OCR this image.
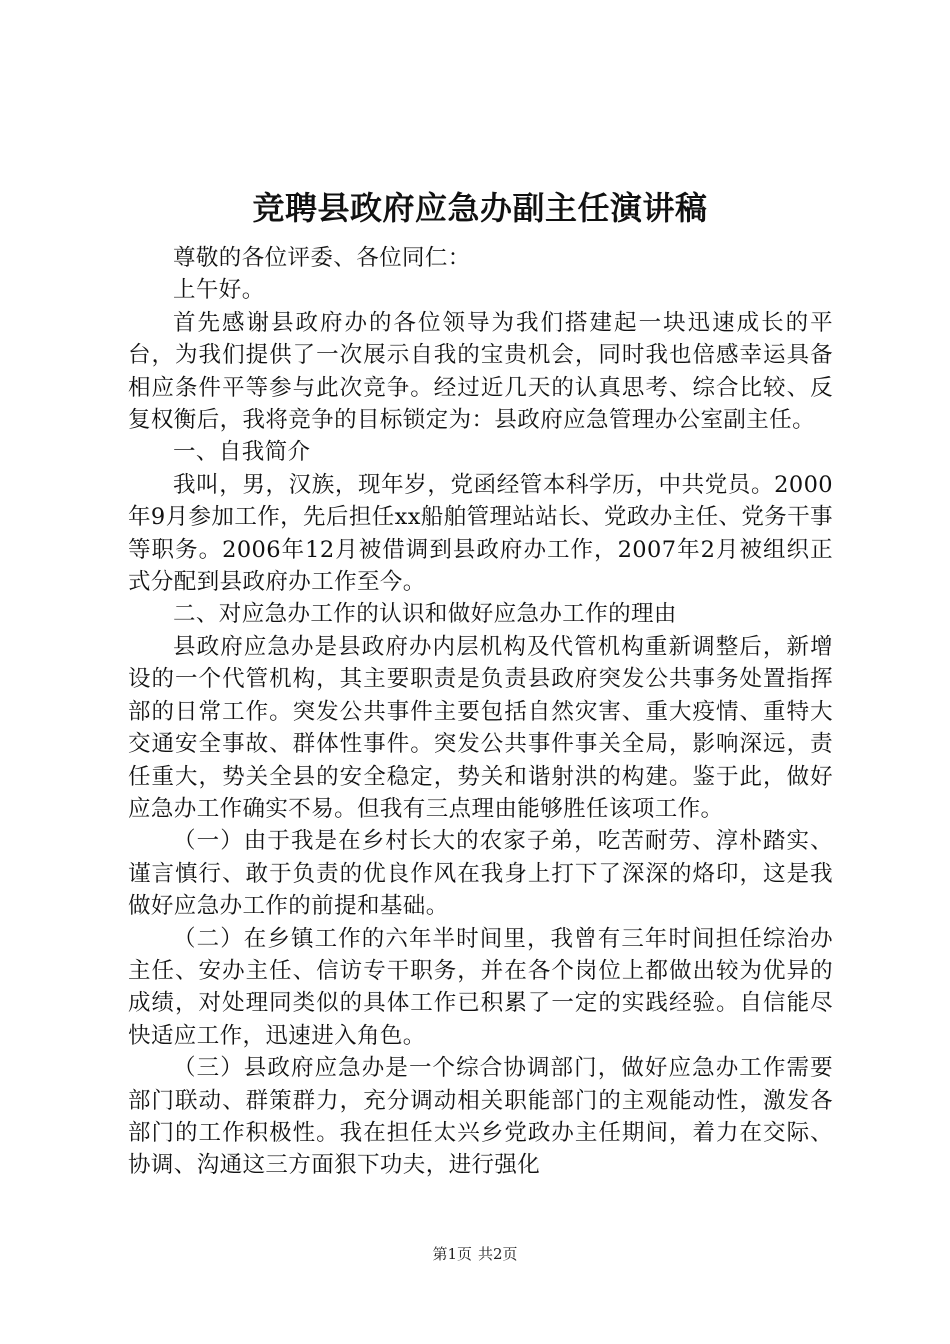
竞聘县政府应急办副主任演讲稿

尊敬的各位评委、各位同仁：

上午好。

首先感谢县政府办的各位领导为我们搭建起一块迅速成长的平台，为我们提供了一次展示自我的宝贵机会，同时我也倍感幸运具备相应条件平等参与此次竞争。经过近几天的认真思考、综合比较、反复权衡后，我将竞争的目标锁定为：县政府应急管理办公室副主任。

一、自我简介

我叫，男，汉族，现年岁，党函经管本科学历，中共党员。2000年9月参加工作，先后担任xx船舶管理站站长、党政办主任、党务干事等职务。2006年12月被借调到县政府办工作，2007年2月被组织正式分配到县政府办工作至今。

二、对应急办工作的认识和做好应急办工作的理由

县政府应急办是县政府办内层机构及代管机构重新调整后，新增设的一个代管机构，其主要职责是负责县政府突发公共事务处置指挥部的日常工作。突发公共事件主要包括自然灾害、重大疫情、重特大交通安全事故、群体性事件。突发公共事件事关全局，影响深远，责任重大，势关全县的安全稳定，势关和谐射洪的构建。鉴于此，做好应急办工作确实不易。但我有三点理由能够胜任该项工作。

（一）由于我是在乡村长大的农家子弟，吃苦耐劳、淳朴踏实、谨言慎行、敢于负责的优良作风在我身上打下了深深的烙印，这是我做好应急办工作的前提和基础。

（二）在乡镇工作的六年半时间里，我曾有三年时间担任综治办主任、安办主任、信访专干职务，并在各个岗位上都做出较为优异的成绩，对处理同类似的具体工作已积累了一定的实践经验。自信能尽快适应工作，迅速进入角色。

（三）县政府应急办是一个综合协调部门，做好应急办工作需要部门联动、群策群力，充分调动相关职能部门的主观能动性，激发各部门的工作积极性。我在担任太兴乡党政办主任期间，着力在交际、协调、沟通这三方面狠下功夫，进行强化

第1页 共2页
